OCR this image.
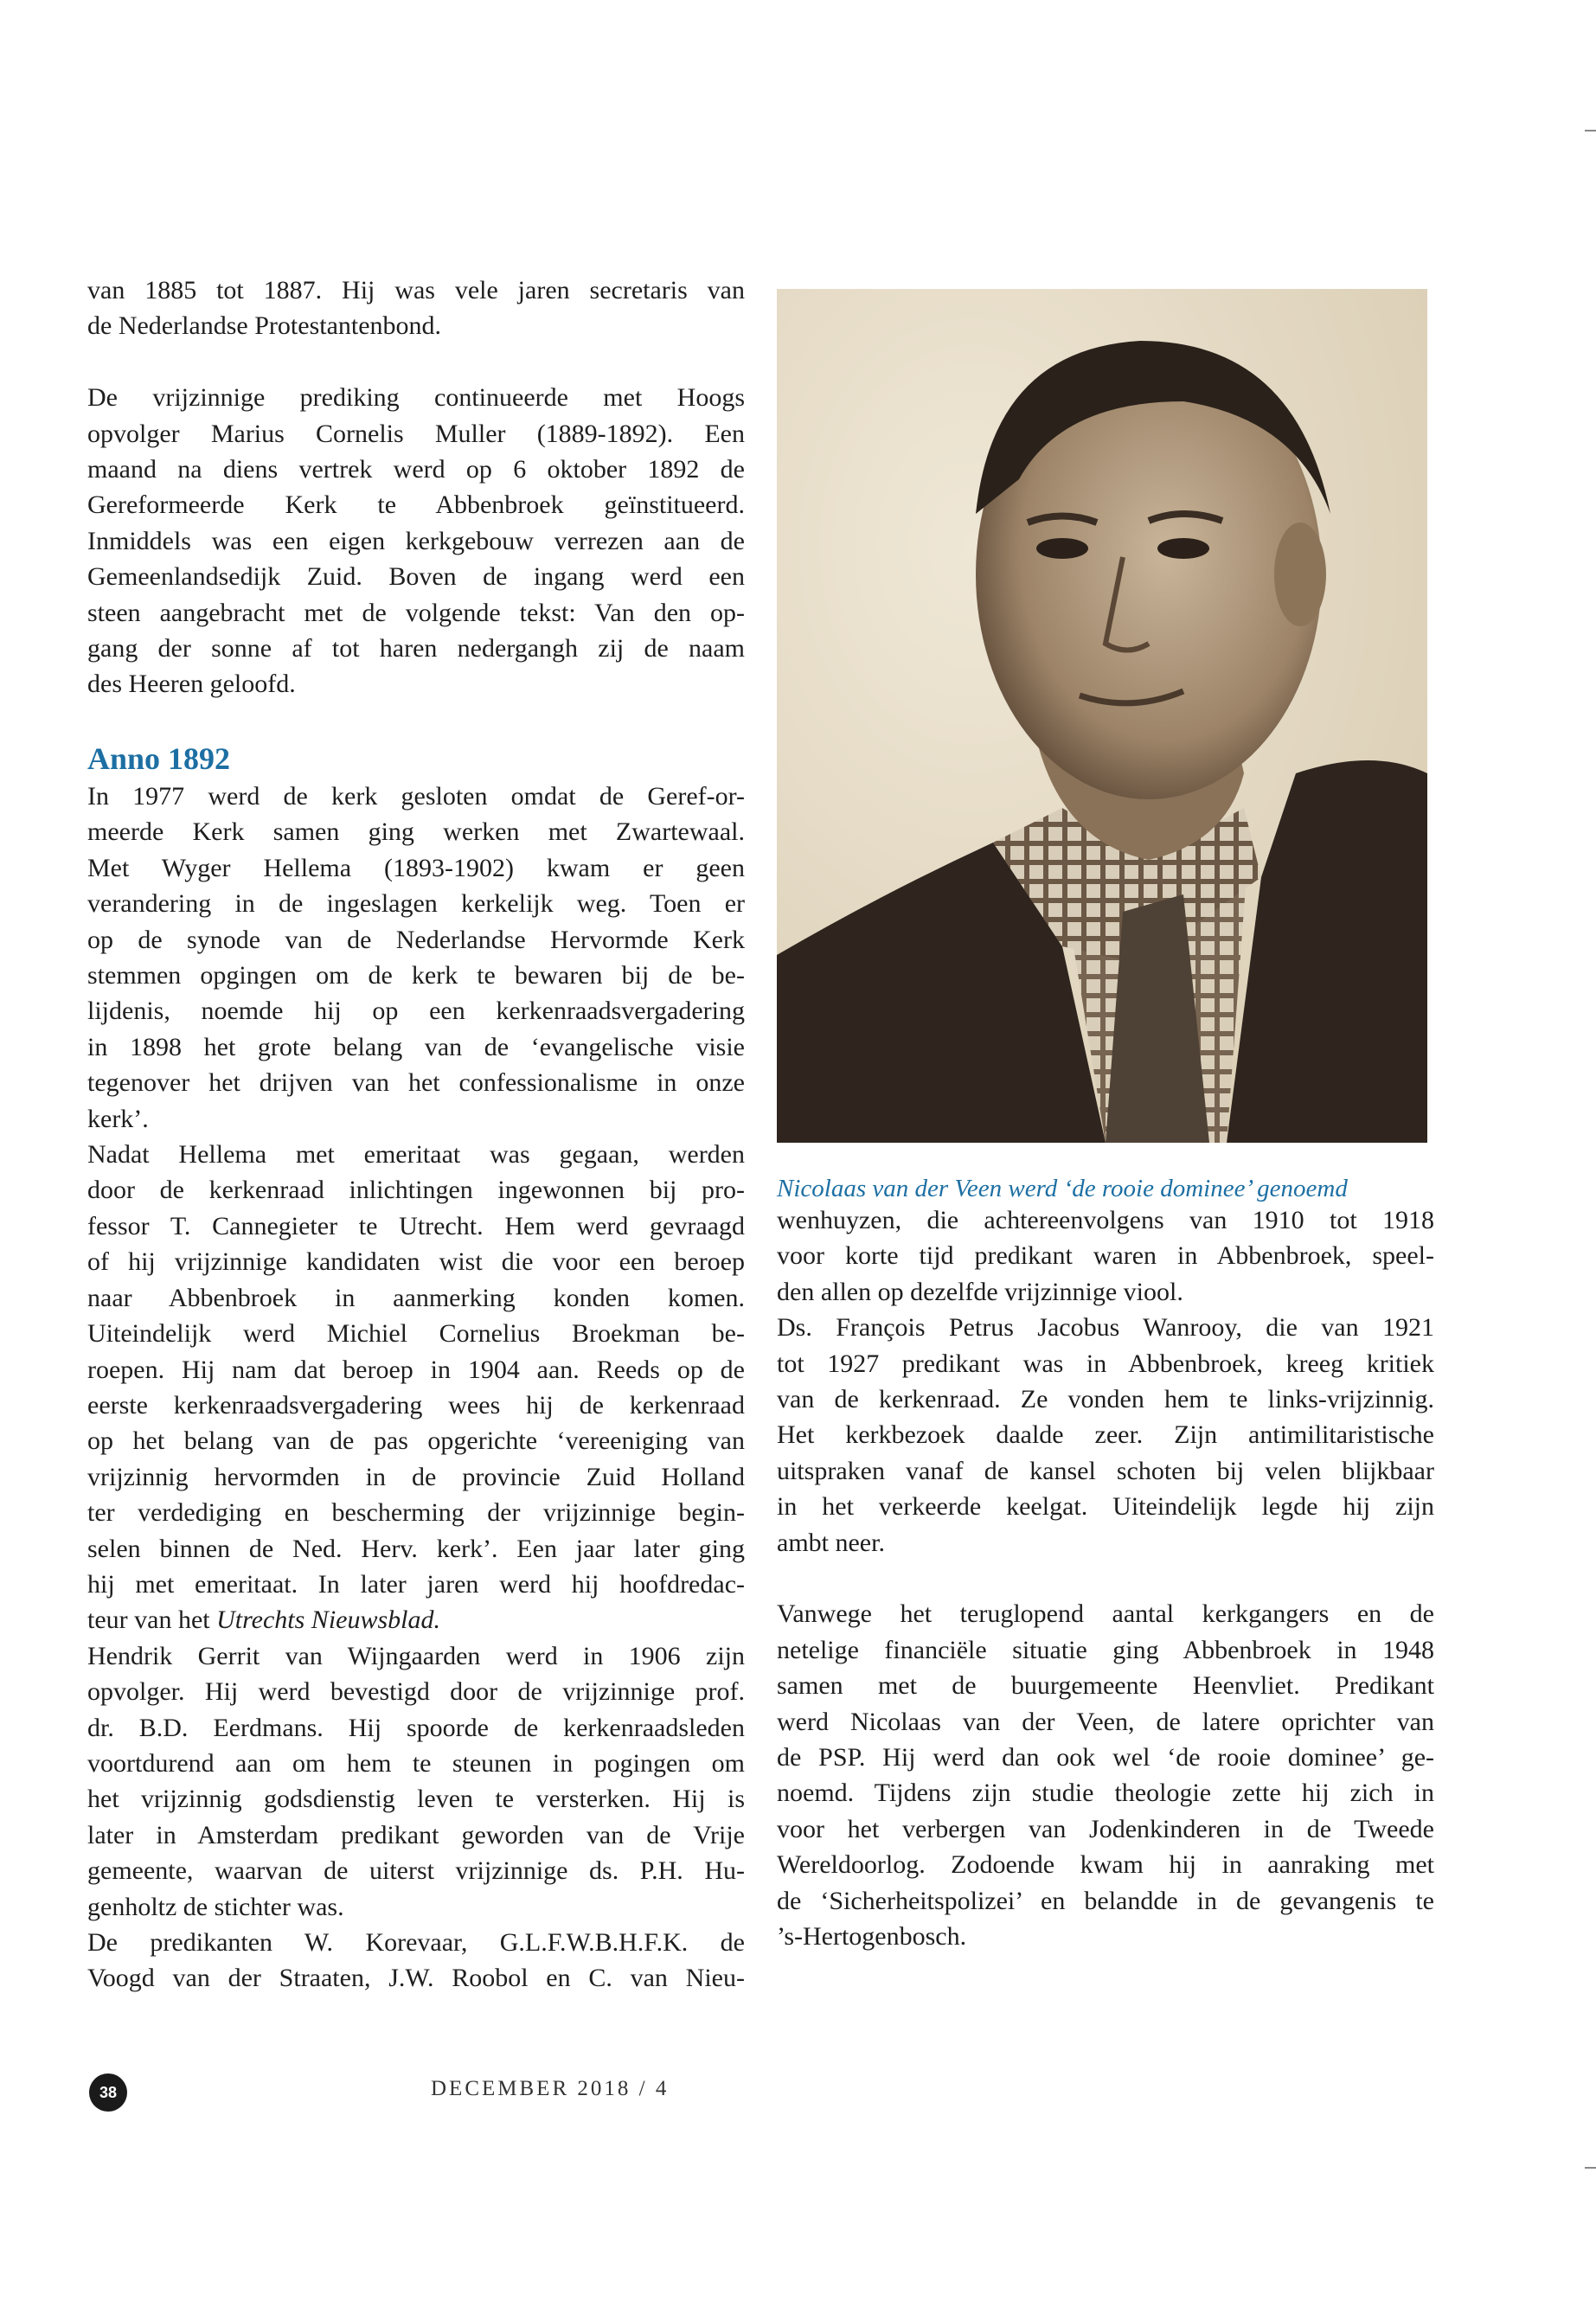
van 1885 tot 1887. Hij was vele jaren secretaris van
de Nederlandse Protestantenbond.
De vrijzinnige prediking continueerde met Hoogs
opvolger Marius Cornelis Muller (1889-1892). Een
maand na diens vertrek werd op 6 oktober 1892 de
Gereformeerde Kerk te Abbenbroek geïnstitueerd.
Inmiddels was een eigen kerkgebouw verrezen aan de
Gemeenlandsedijk Zuid. Boven de ingang werd een
steen aangebracht met de volgende tekst: Van den op-
gang der sonne af tot haren nedergangh zij de naam
des Heeren geloofd.
Anno 1892
In 1977 werd de kerk gesloten omdat de Geref-or-
meerde Kerk samen ging werken met Zwartewaal.
Met Wyger Hellema (1893-1902) kwam er geen
verandering in de ingeslagen kerkelijk weg. Toen er
op de synode van de Nederlandse Hervormde Kerk
stemmen opgingen om de kerk te bewaren bij de be-
lijdenis, noemde hij op een kerkenraadsvergadering
in 1898 het grote belang van de ‘evangelische visie
tegenover het drijven van het confessionalisme in onze
kerk’.
Nadat Hellema met emeritaat was gegaan, werden
door de kerkenraad inlichtingen ingewonnen bij pro-
fessor T. Cannegieter te Utrecht. Hem werd gevraagd
of hij vrijzinnige kandidaten wist die voor een beroep
naar Abbenbroek in aanmerking konden komen.
Uiteindelijk werd Michiel Cornelius Broekman be-
roepen. Hij nam dat beroep in 1904 aan. Reeds op de
eerste kerkenraadsvergadering wees hij de kerkenraad
op het belang van de pas opgerichte ‘vereeniging van
vrijzinnig hervormden in de provincie Zuid Holland
ter verdediging en bescherming der vrijzinnige begin-
selen binnen de Ned. Herv. kerk’. Een jaar later ging
hij met emeritaat. In later jaren werd hij hoofdredac-
teur van het Utrechts Nieuwsblad.
Hendrik Gerrit van Wijngaarden werd in 1906 zijn
opvolger. Hij werd bevestigd door de vrijzinnige prof.
dr. B.D. Eerdmans. Hij spoorde de kerkenraadsleden
voortdurend aan om hem te steunen in pogingen om
het vrijzinnig godsdienstig leven te versterken. Hij is
later in Amsterdam predikant geworden van de Vrije
gemeente, waarvan de uiterst vrijzinnige ds. P.H. Hu-
genholtz de stichter was.
De predikanten W. Korevaar, G.L.F.W.B.H.F.K. de
Voogd van der Straaten, J.W. Roobol en C. van Nieu-
Nicolaas van der Veen werd ‘de rooie dominee’ genoemd
wenhuyzen, die achtereenvolgens van 1910 tot 1918
voor korte tijd predikant waren in Abbenbroek, speel-
den allen op dezelfde vrijzinnige viool.
Ds. François Petrus Jacobus Wanrooy, die van 1921
tot 1927 predikant was in Abbenbroek, kreeg kritiek
van de kerkenraad. Ze vonden hem te links-vrijzinnig.
Het kerkbezoek daalde zeer. Zijn antimilitaristische
uitspraken vanaf de kansel schoten bij velen blijkbaar
in het verkeerde keelgat. Uiteindelijk legde hij zijn
ambt neer.
Vanwege het teruglopend aantal kerkgangers en de
netelige financiële situatie ging Abbenbroek in 1948
samen met de buurgemeente Heenvliet. Predikant
werd Nicolaas van der Veen, de latere oprichter van
de PSP. Hij werd dan ook wel ‘de rooie dominee’ ge-
noemd. Tijdens zijn studie theologie zette hij zich in
voor het verbergen van Jodenkinderen in de Tweede
Wereldoorlog. Zodoende kwam hij in aanraking met
de ‘Sicherheitspolizei’ en belandde in de gevangenis te
’s-Hertogenbosch.
38	DECEMBER 2018 / 4
